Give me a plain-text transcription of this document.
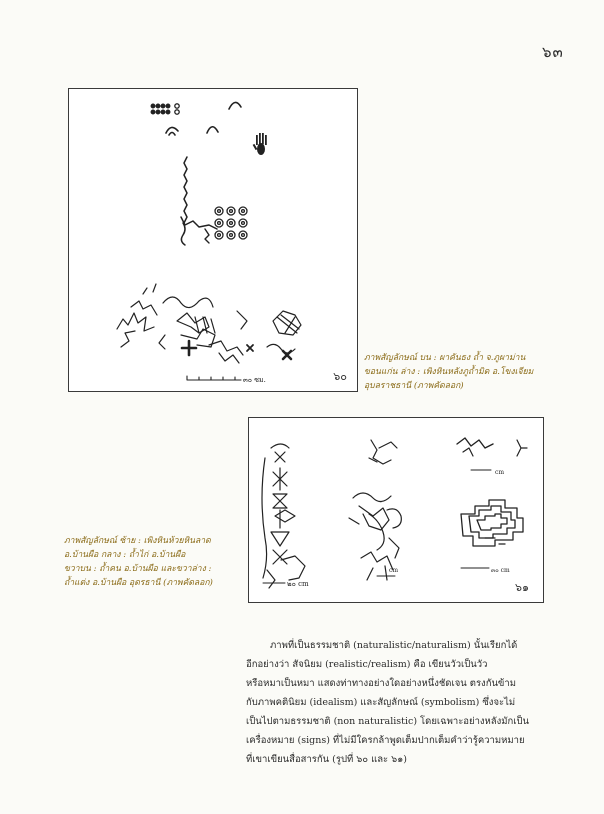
๖๓
๓๐ ซม.	๖๐

ภาพสัญลักษณ์ บน : ผาคันธง ถ้ำ จ.ภูผาม่าน

ขอนแก่น ล่าง : เพิงหินหลังภูถ้ำมิด อ.โขงเจียม

อุบลราชธานี (ภาพคัดลอก)

๒๐ cm
cm
cm
๓๐ cm
๖๑

ภาพสัญลักษณ์ ซ้าย : เพิงหินห้วยหินลาด

อ.บ้านผือ กลาง : ถ้ำไก่ อ.บ้านผือ

ขวาบน : ถ้ำคน อ.บ้านผือ และขวาล่าง :

ถ้ำแต่ง อ.บ้านผือ อุดรธานี (ภาพคัดลอก)

ภาพที่เป็นธรรมชาติ (naturalistic/naturalism) นั้นเรียกได้

อีกอย่างว่า สัจนิยม (realistic/realism) คือ เขียนวัวเป็นวัว

หรือหมาเป็นหมา แสดงท่าทางอย่างใดอย่างหนึ่งชัดเจน ตรงกันข้าม

กับภาพคตินิยม (idealism) และสัญลักษณ์ (symbolism) ซึ่งจะไม่

เป็นไปตามธรรมชาติ (non naturalistic) โดยเฉพาะอย่างหลังมักเป็น

เครื่องหมาย (signs) ที่ไม่มีใครกล้าพูดเต็มปากเต็มคำว่ารู้ความหมาย

ที่เขาเขียนสื่อสารกัน (รูปที่ ๖๐ และ ๖๑)
